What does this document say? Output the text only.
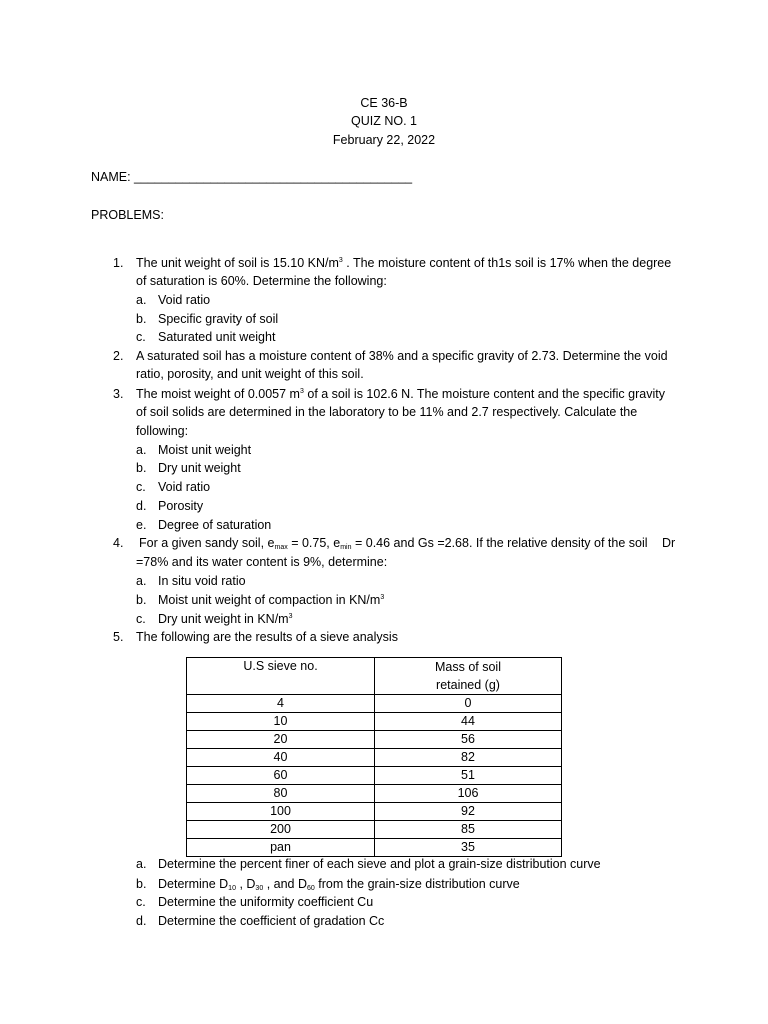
CE 36-B
QUIZ NO. 1
February 22, 2022
NAME: ________________________________________
PROBLEMS:
1. The unit weight of soil is 15.10 $KN/m^3$ . The moisture content of th1s soil is 17% when the degree
of saturation is 60%. Determine the following:
a. Void ratio
b. Specific gravity of soil
c. Saturated unit weight
2. A saturated soil has a moisture content of 38% and a specific gravity of 2.73. Determine the void
ratio, porosity, and unit weight of this soil.
3. The moist weight of 0.0057 $m^3$ of a soil is 102.6 N. The moisture content and the specific gravity
of soil solids are determined in the laboratory to be 11% and 2.7 respectively. Calculate the
following:
a. Moist unit weight
b. Dry unit weight
c. Void ratio
d. Porosity
e. Degree of saturation
4. For a given sandy soil, $e_{max} = 0.75$, $e_{min} = 0.46$ and Gs =2.68. If the relative density of the soil Dr
=78% and its water content is 9%, determine:
a. In situ void ratio
b. Moist unit weight of compaction in $KN/m^3$
c. Dry unit weight in $KN/m^3$
5. The following are the results of a sieve analysis
U.S sieve no.	Mass of soil
retained (g)

4	0
10	44
20	56
40	82
60	51
80	106
100	92
200	85
pan	35
a. Determine the percent finer of each sieve and plot a grain-size distribution curve
b. Determine $D_{10}$ , $D_{30}$ , and $D_{60}$ from the grain-size distribution curve
c. Determine the uniformity coefficient Cu
d. Determine the coefficient of gradation Cc
